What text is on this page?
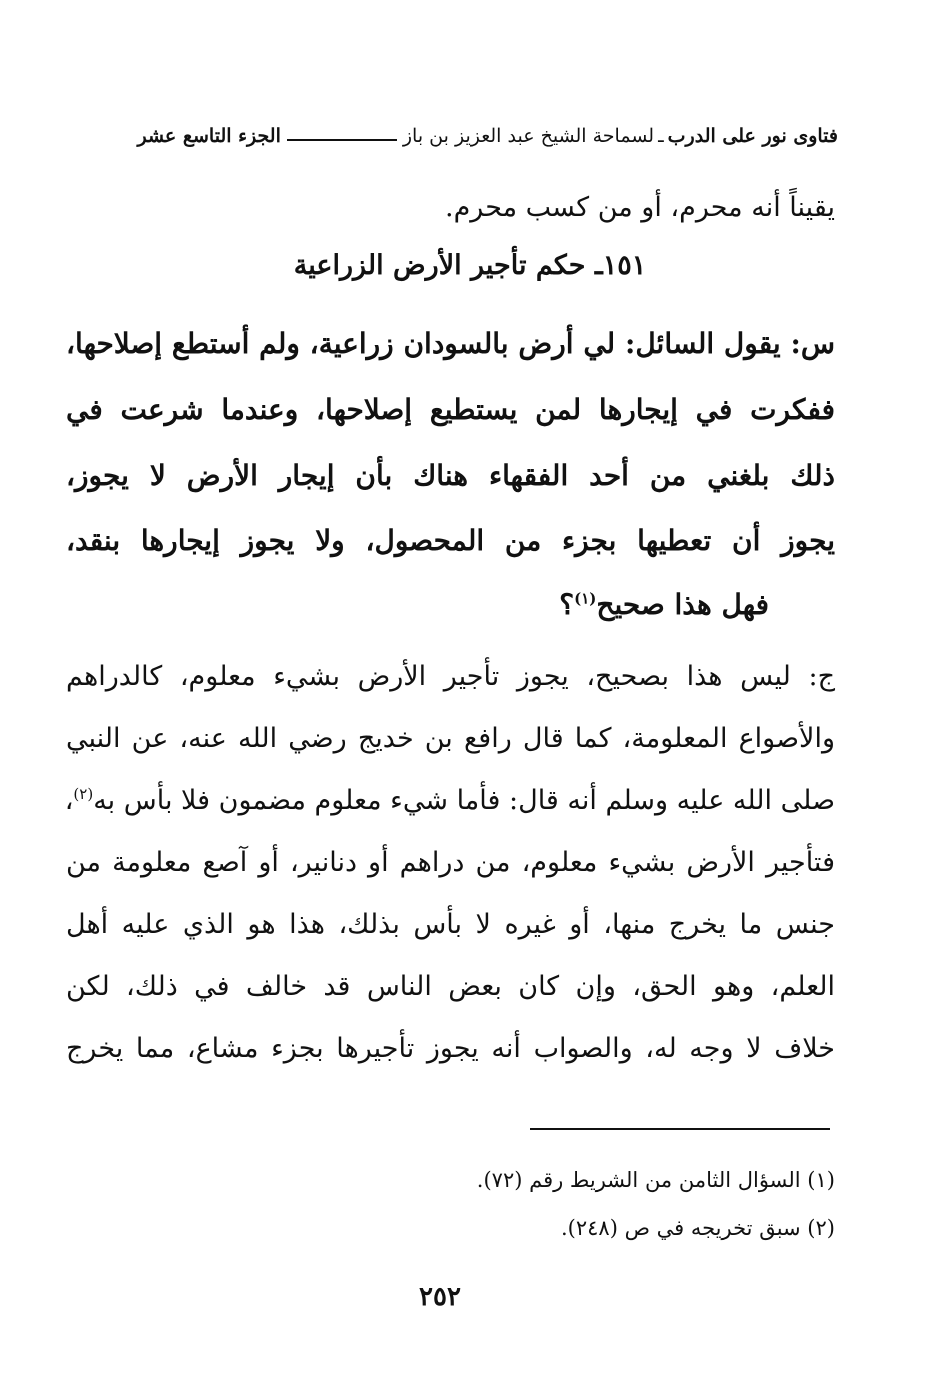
فتاوى نور على الدرب
ـ
لسماحة الشيخ عبد العزيز بن باز
الجزء التاسع عشر
يقيناً أنه محرم، أو من كسب محرم.
١٥١ـ حكم تأجير الأرض الزراعية
س: يقول السائل: لي أرض بالسودان زراعية، ولم أستطع إصلاحها،
ففكرت في إيجارها لمن يستطيع إصلاحها، وعندما شرعت في
ذلك بلغني من أحد الفقهاء هناك بأن إيجار الأرض لا يجوز،
يجوز أن تعطيها بجزء من المحصول، ولا يجوز إيجارها بنقد،
فهل هذا صحيح$^{(١)}$؟
ج: ليس هذا بصحيح، يجوز تأجير الأرض بشيء معلوم، كالدراهم
والأصواع المعلومة، كما قال رافع بن خديج رضي الله عنه، عن النبي
صلى الله عليه وسلم أنه قال: فأما شيء معلوم مضمون فلا بأس به$^{(٢)}$،
فتأجير الأرض بشيء معلوم، من دراهم أو دنانير، أو آصع معلومة من
جنس ما يخرج منها، أو غيره لا بأس بذلك، هذا هو الذي عليه أهل
العلم، وهو الحق، وإن كان بعض الناس قد خالف في ذلك، لكن
خلاف لا وجه له، والصواب أنه يجوز تأجيرها بجزء مشاع، مما يخرج
(١) السؤال الثامن من الشريط رقم (٧٢).
(٢) سبق تخريجه في ص (٢٤٨).
٢٥٢
